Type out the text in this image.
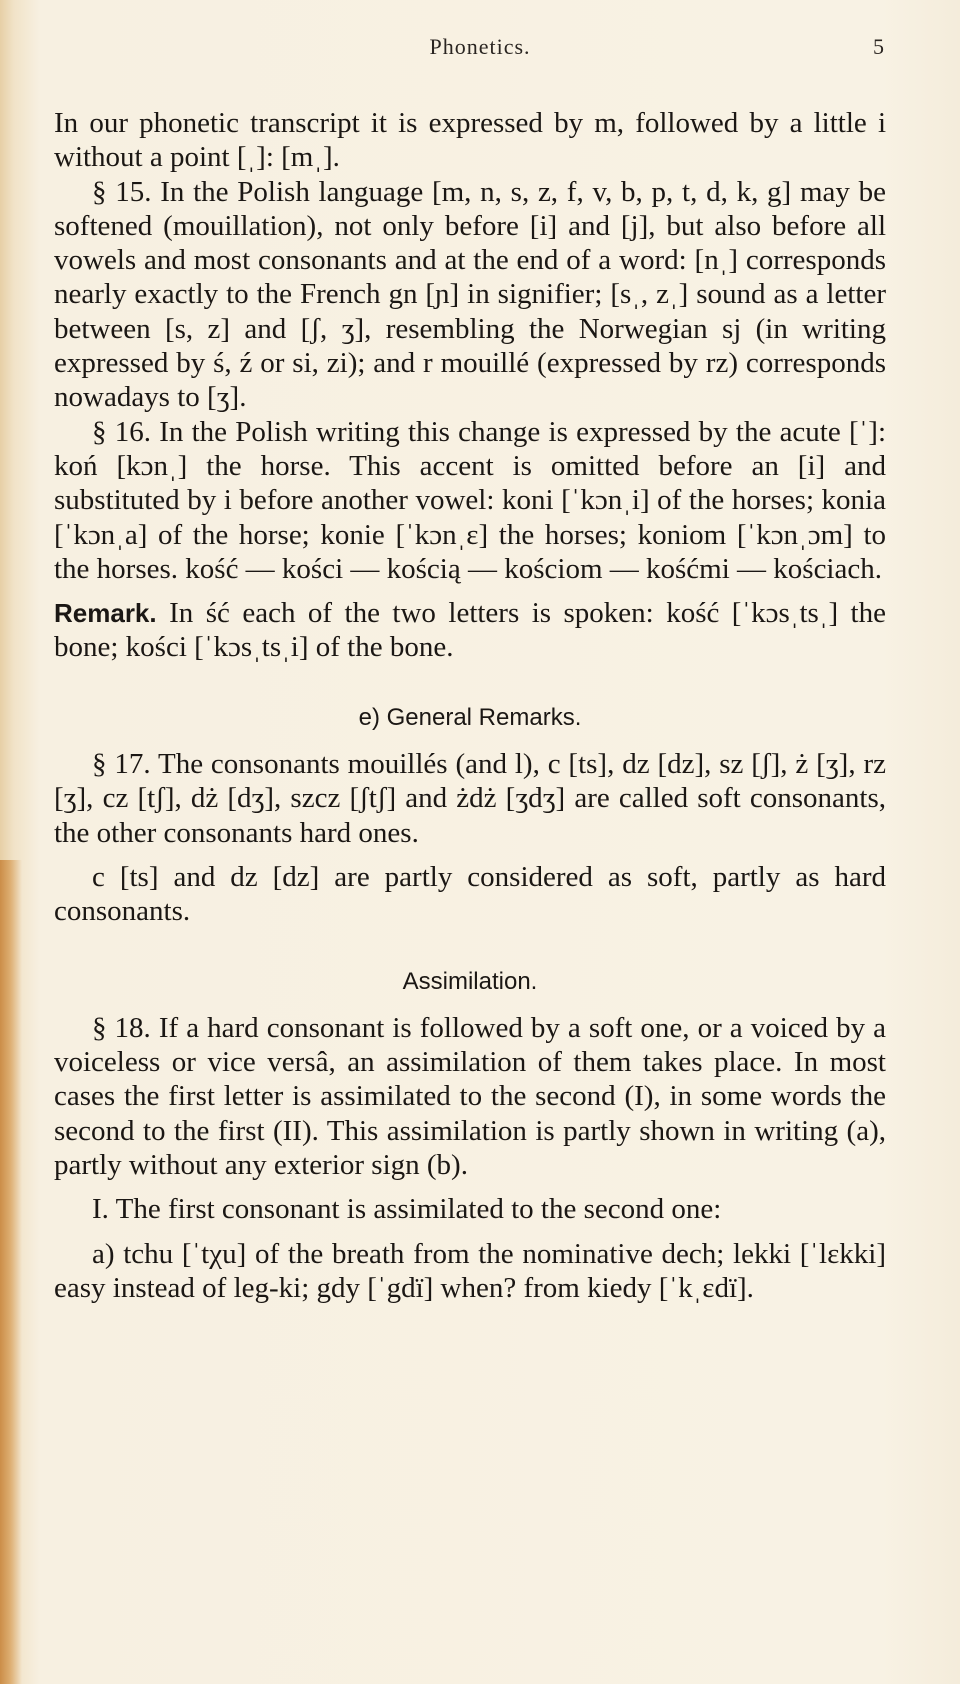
Phonetics.	5

In our phonetic transcript it is expressed by m, followed by a little i without a point [ˌ]: [mˌ].

§ 15. In the Polish language [m, n, s, z, f, v, b, p, t, d, k, g] may be softened (mouillation), not only before [i] and [j], but also before all vowels and most consonants and at the end of a word: [nˌ] corresponds nearly exactly to the French gn [ɲ] in signifier; [sˌ, zˌ] sound as a letter between [s, z] and [ʃ, ʒ], resembling the Norwegian sj (in writing expressed by ś, ź or si, zi); and r mouillé (expressed by rz) corresponds nowadays to [ʒ].

§ 16. In the Polish writing this change is expressed by the acute [ˈ]: koń [kɔnˌ] the horse. This accent is omitted before an [i] and substituted by i before another vowel: koni [ˈkɔnˌi] of the horses; konia [ˈkɔnˌa] of the horse; konie [ˈkɔnˌɛ] the horses; koniom [ˈkɔnˌɔm] to the horses. kość — kości — kością — kościom — kośćmi — kościach.

Remark. In ść each of the two letters is spoken: kość [ˈkɔsˌtsˌ] the bone; kości [ˈkɔsˌtsˌi] of the bone.

e) General Remarks.

§ 17. The consonants mouillés (and l), c [ts], dz [dz], sz [ʃ], ż [ʒ], rz [ʒ], cz [tʃ], dż [dʒ], szcz [ʃtʃ] and żdż [ʒdʒ] are called soft consonants, the other consonants hard ones.

c [ts] and dz [dz] are partly considered as soft, partly as hard consonants.

Assimilation.

§ 18. If a hard consonant is followed by a soft one, or a voiced by a voiceless or vice versâ, an assimilation of them takes place. In most cases the first letter is assimilated to the second (I), in some words the second to the first (II). This assimilation is partly shown in writing (a), partly without any exterior sign (b).

I. The first consonant is assimilated to the second one:

a) tchu [ˈtχu] of the breath from the nominative dech; lekki [ˈlɛkki] easy instead of leg-ki; gdy [ˈgdï] when? from kiedy [ˈkˌɛdï].
